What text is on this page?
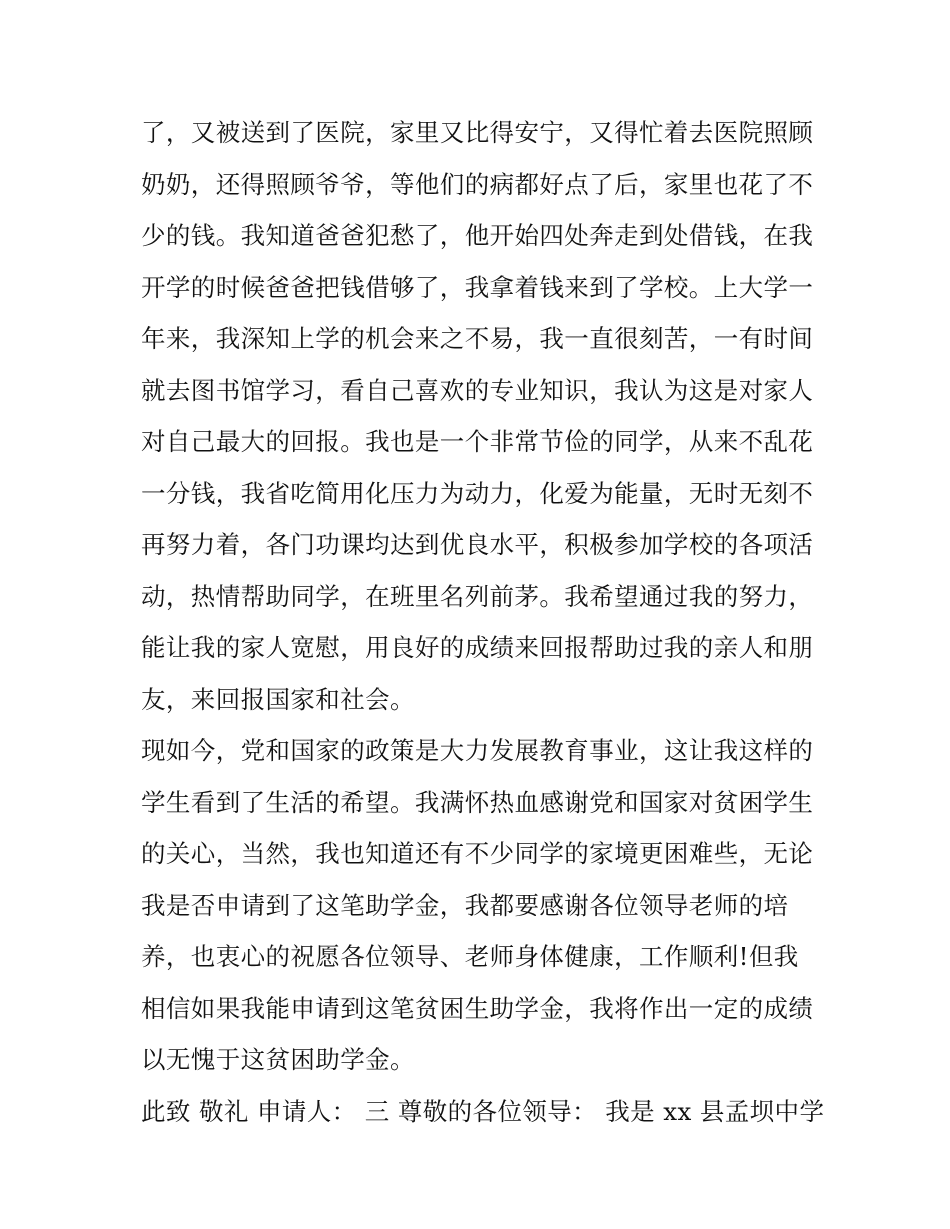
了，又被送到了医院，家里又比得安宁，又得忙着去医院照顾
奶奶，还得照顾爷爷，等他们的病都好点了后，家里也花了不
少的钱。我知道爸爸犯愁了，他开始四处奔走到处借钱，在我
开学的时候爸爸把钱借够了，我拿着钱来到了学校。上大学一
年来，我深知上学的机会来之不易，我一直很刻苦，一有时间
就去图书馆学习，看自己喜欢的专业知识，我认为这是对家人
对自己最大的回报。我也是一个非常节俭的同学，从来不乱花
一分钱，我省吃简用化压力为动力，化爱为能量，无时无刻不
再努力着，各门功课均达到优良水平，积极参加学校的各项活
动，热情帮助同学，在班里名列前茅。我希望通过我的努力，
能让我的家人宽慰，用良好的成绩来回报帮助过我的亲人和朋
友，来回报国家和社会。
现如今，党和国家的政策是大力发展教育事业，这让我这样的
学生看到了生活的希望。我满怀热血感谢党和国家对贫困学生
的关心，当然，我也知道还有不少同学的家境更困难些，无论
我是否申请到了这笔助学金，我都要感谢各位领导老师的培
养，也衷心的祝愿各位领导、老师身体健康，工作顺利!但我
相信如果我能申请到这笔贫困生助学金，我将作出一定的成绩
以无愧于这贫困助学金。
此致 敬礼 申请人： 三 尊敬的各位领导： 我是 xx 县孟坝中学
